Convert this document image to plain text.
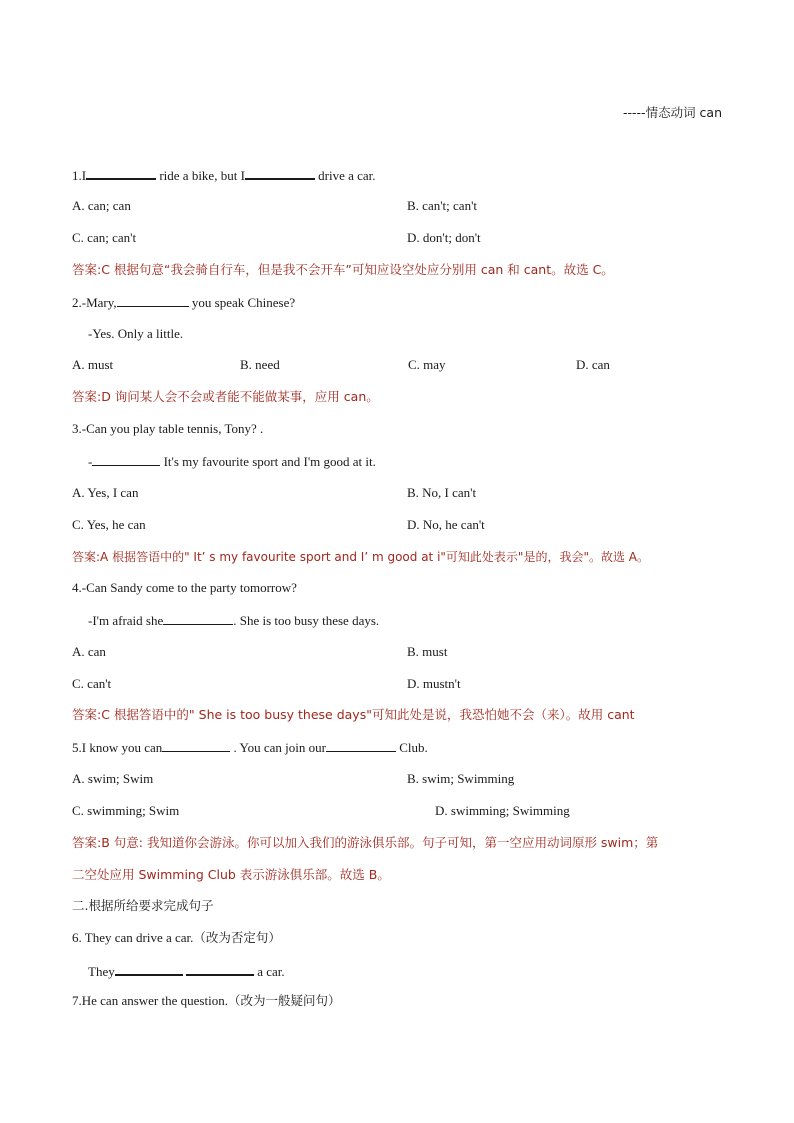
-----情态动词 can
1.I	ride a bike, but I	drive a car.
A. can; can	B. can't; can't
C. can; can't	D. don't; don't
答案:C 根据句意“我会骑自行车，但是我不会开车”可知应设空处应分别用 can 和 cant。故选 C。
2.-Mary,	you speak Chinese?
-Yes. Only a little.
A. must	B. need	C. may	D. can
答案:D 询问某人会不会或者能不能做某事，应用 can。
3.-Can you play table tennis, Tony? .
-	It's my favourite sport and I'm good at it.
A. Yes, I can	B. No, I can't
C. Yes, he can	D. No, he can't
答案:A 根据答语中的" It’ s my favourite sport and I’ m good at i"可知此处表示"是的，我会"。故选 A。
4.-Can Sandy come to the party tomorrow?
-I'm afraid she	. She is too busy these days.
A. can	B. must
C. can't	D. mustn't
答案:C 根据答语中的" She is too busy these days"可知此处是说，我恐怕她不会（来）。故用 cant
5.I know you can	. You can join our	Club.
A. swim; Swim	B. swim; Swimming
C. swimming; Swim	D. swimming; Swimming
答案:B 句意: 我知道你会游泳。你可以加入我们的游泳俱乐部。句子可知，第一空应用动词原形 swim；第
二空处应用 Swimming Club 表示游泳俱乐部。故选 B。
二.根据所给要求完成句子
6. They can drive a car.（改为否定句）
They	a car.
7.He can answer the question.（改为一般疑问句）
